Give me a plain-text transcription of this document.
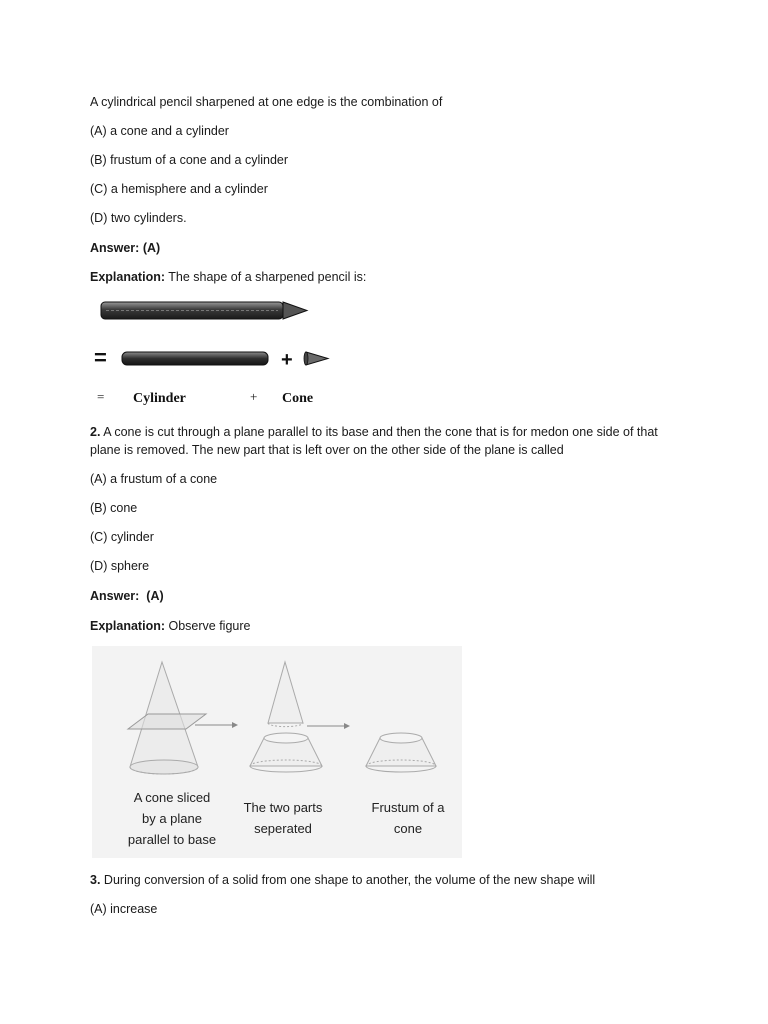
A cylindrical pencil sharpened at one edge is the combination of
(A) a cone and a cylinder
(B) frustum of a cone and a cylinder
(C) a hemisphere and a cylinder
(D) two cylinders.
Answer: (A)
Explanation: The shape of a sharpened pencil is:
=	+
= Cylinder	+ Cone
2. A cone is cut through a plane parallel to its base and then the cone that is for medon one side of that plane is removed. The new part that is left over on the other side of the plane is called
(A) a frustum of a cone
(B) cone
(C) cylinder
(D) sphere
Answer: (A)
Explanation: Observe figure
A cone sliced
by a plane
parallel to base
The two parts
seperated
Frustum of a
cone
3. During conversion of a solid from one shape to another, the volume of the new shape will
(A) increase
